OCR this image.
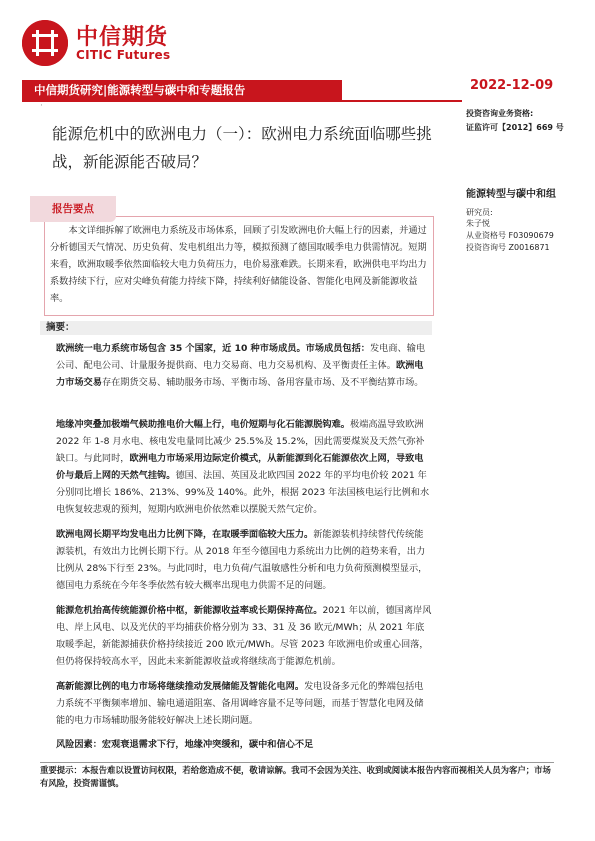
中信期货
CITIC Futures
中信期货研究|能源转型与碳中和专题报告	2022-12-09
·
能源危机中的欧洲电力（一）：欧洲电力系统面临哪些挑战，新能源能否破局？
投资咨询业务资格:
证监许可【2012】669 号
能源转型与碳中和组
研究员:
朱子悦
从业资格号 F03090679
投资咨询号 Z0016871
报告要点
本文详细拆解了欧洲电力系统及市场体系，回顾了引发欧洲电价大幅上行的因素，并通过分析德国天气情况、历史负荷、发电机组出力等，模拟预测了德国取暖季电力供需情况。短期来看，欧洲取暖季依然面临较大电力负荷压力，电价易涨难跌。长期来看，欧洲供电平均出力系数持续下行，应对尖峰负荷能力持续下降，持续利好储能设备、智能化电网及新能源收益率。
摘要：
欧洲统一电力系统市场包含 35 个国家，近 10 种市场成员。市场成员包括：发电商、输电公司、配电公司、计量服务提供商、电力交易商、电力交易机构、及平衡责任主体。欧洲电力市场交易存在期货交易、辅助服务市场、平衡市场、备用容量市场、及不平衡结算市场。
地缘冲突叠加极端气候助推电价大幅上行，电价短期与化石能源脱钩难。极端高温导致欧洲 2022 年 1-8 月水电、核电发电量同比减少 25.5%及 15.2%，因此需要煤炭及天然气弥补缺口。与此同时，欧洲电力市场采用边际定价模式，从新能源到化石能源依次上网，导致电价与最后上网的天然气挂钩。德国、法国、英国及北欧四国 2022 年的平均电价较 2021 年分别同比增长 186%、213%、99%及 140%。此外，根据 2023 年法国核电运行比例和水电恢复较悲观的预判，短期内欧洲电价依然难以摆脱天然气定价。
欧洲电网长期平均发电出力比例下降，在取暖季面临较大压力。新能源装机持续替代传统能源装机，有效出力比例长期下行。从 2018 年至今德国电力系统出力比例的趋势来看，出力比例从 28%下行至 23%。与此同时，电力负荷/气温敏感性分析和电力负荷预测模型显示，德国电力系统在今年冬季依然有较大概率出现电力供需不足的问题。
能源危机抬高传统能源价格中枢，新能源收益率或长期保持高位。2021 年以前，德国离岸风电、岸上风电、以及光伏的平均捕获价格分别为 33、31 及 36 欧元/MWh；从 2021 年底取暖季起，新能源捕获价格持续接近 200 欧元/MWh。尽管 2023 年欧洲电价或重心回落，但仍将保持较高水平，因此未来新能源收益或将继续高于能源危机前。
高新能源比例的电力市场将继续推动发展储能及智能化电网。发电设备多元化的弊端包括电力系统不平衡频率增加、输电通道阻塞、备用调峰容量不足等问题，而基于智慧化电网及储能的电力市场辅助服务能较好解决上述长期问题。
风险因素：宏观衰退需求下行，地缘冲突缓和，碳中和信心不足
重要提示：本报告难以设置访问权限，若给您造成不便，敬请谅解。我司不会因为关注、收到或阅读本报告内容而视相关人员为客户；市场有风险，投资需谨慎。
